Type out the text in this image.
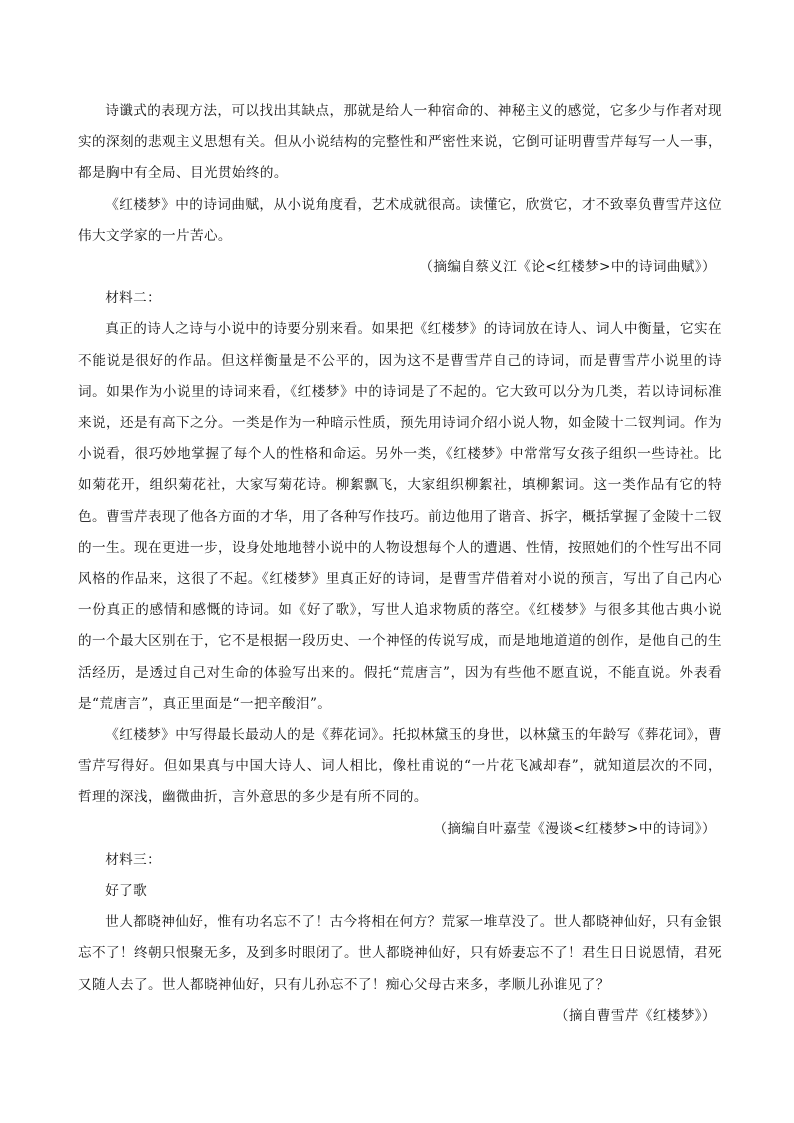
诗谶式的表现方法，可以找出其缺点，那就是给人一种宿命的、神秘主义的感觉，它多少与作者对现实的深刻的悲观主义思想有关。但从小说结构的完整性和严密性来说，它倒可证明曹雪芹每写一人一事，都是胸中有全局、目光贯始终的。

《红楼梦》中的诗词曲赋，从小说角度看，艺术成就很高。读懂它，欣赏它，才不致辜负曹雪芹这位伟大文学家的一片苦心。

（摘编自蔡义江《论<红楼梦>中的诗词曲赋》）

材料二：

真正的诗人之诗与小说中的诗要分别来看。如果把《红楼梦》的诗词放在诗人、词人中衡量，它实在不能说是很好的作品。但这样衡量是不公平的，因为这不是曹雪芹自己的诗词，而是曹雪芹小说里的诗词。如果作为小说里的诗词来看，《红楼梦》中的诗词是了不起的。它大致可以分为几类，若以诗词标准来说，还是有高下之分。一类是作为一种暗示性质，预先用诗词介绍小说人物，如金陵十二钗判词。作为小说看，很巧妙地掌握了每个人的性格和命运。另外一类，《红楼梦》中常常写女孩子组织一些诗社。比如菊花开，组织菊花社，大家写菊花诗。柳絮飘飞，大家组织柳絮社，填柳絮词。这一类作品有它的特色。曹雪芹表现了他各方面的才华，用了各种写作技巧。前边他用了谐音、拆字，概括掌握了金陵十二钗的一生。现在更进一步，设身处地地替小说中的人物设想每个人的遭遇、性情，按照她们的个性写出不同风格的作品来，这很了不起。《红楼梦》里真正好的诗词，是曹雪芹借着对小说的预言，写出了自己内心一份真正的感情和感慨的诗词。如《好了歌》，写世人追求物质的落空。《红楼梦》与很多其他古典小说的一个最大区别在于，它不是根据一段历史、一个神怪的传说写成，而是地地道道的创作，是他自己的生活经历，是透过自己对生命的体验写出来的。假托“荒唐言”，因为有些他不愿直说，不能直说。外表看是“荒唐言”，真正里面是“一把辛酸泪”。

《红楼梦》中写得最长最动人的是《葬花词》。托拟林黛玉的身世，以林黛玉的年龄写《葬花词》，曹雪芹写得好。但如果真与中国大诗人、词人相比，像杜甫说的“一片花飞减却春”，就知道层次的不同，哲理的深浅，幽微曲折，言外意思的多少是有所不同的。

（摘编自叶嘉莹《漫谈<红楼梦>中的诗词》）

材料三：

好了歌

世人都晓神仙好，惟有功名忘不了！古今将相在何方？荒冢一堆草没了。世人都晓神仙好，只有金银忘不了！终朝只恨聚无多，及到多时眼闭了。世人都晓神仙好，只有娇妻忘不了！君生日日说恩情，君死又随人去了。世人都晓神仙好，只有儿孙忘不了！痴心父母古来多，孝顺儿孙谁见了？

（摘自曹雪芹《红楼梦》）
